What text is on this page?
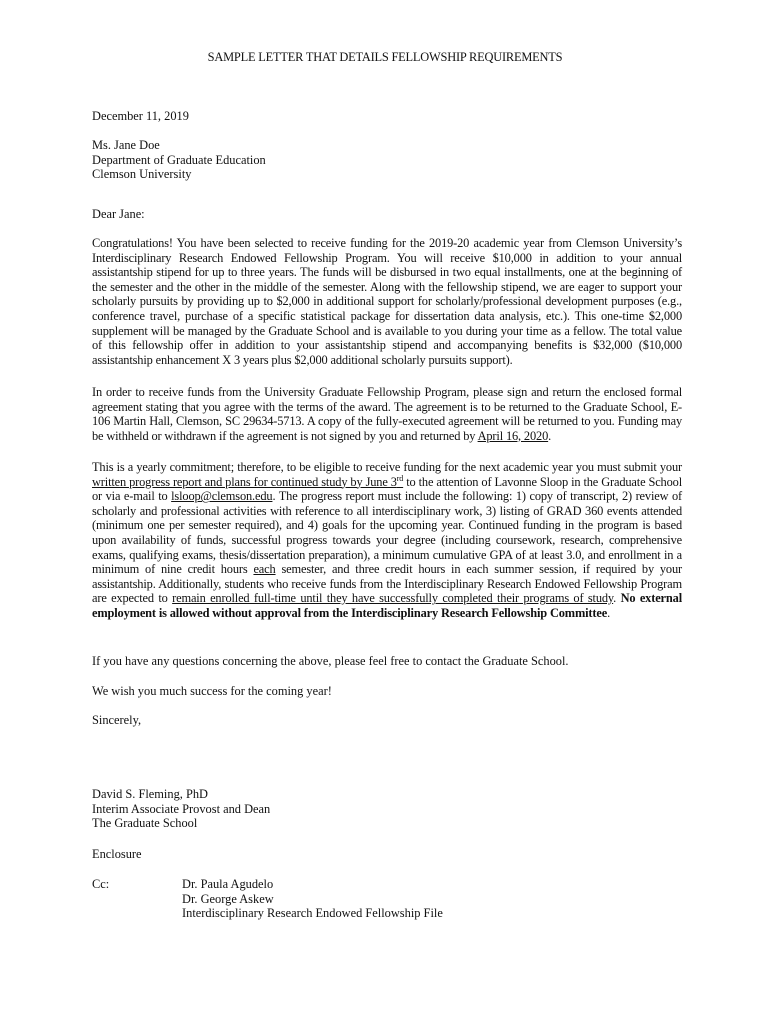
SAMPLE LETTER THAT DETAILS FELLOWSHIP REQUIREMENTS
December 11, 2019
Ms. Jane Doe
Department of Graduate Education
Clemson University
Dear Jane:
Congratulations! You have been selected to receive funding for the 2019-20 academic year from Clemson University’s Interdisciplinary Research Endowed Fellowship Program. You will receive $10,000 in addition to your annual assistantship stipend for up to three years. The funds will be disbursed in two equal installments, one at the beginning of the semester and the other in the middle of the semester. Along with the fellowship stipend, we are eager to support your scholarly pursuits by providing up to $2,000 in additional support for scholarly/professional development purposes (e.g., conference travel, purchase of a specific statistical package for dissertation data analysis, etc.). This one-time $2,000 supplement will be managed by the Graduate School and is available to you during your time as a fellow. The total value of this fellowship offer in addition to your assistantship stipend and accompanying benefits is $32,000 ($10,000 assistantship enhancement X 3 years plus $2,000 additional scholarly pursuits support).
In order to receive funds from the University Graduate Fellowship Program, please sign and return the enclosed formal agreement stating that you agree with the terms of the award. The agreement is to be returned to the Graduate School, E-106 Martin Hall, Clemson, SC 29634-5713. A copy of the fully-executed agreement will be returned to you. Funding may be withheld or withdrawn if the agreement is not signed by you and returned by April 16, 2020.
This is a yearly commitment; therefore, to be eligible to receive funding for the next academic year you must submit your written progress report and plans for continued study by June 3rd to the attention of Lavonne Sloop in the Graduate School or via e-mail to lsloop@clemson.edu. The progress report must include the following: 1) copy of transcript, 2) review of scholarly and professional activities with reference to all interdisciplinary work, 3) listing of GRAD 360 events attended (minimum one per semester required), and 4) goals for the upcoming year. Continued funding in the program is based upon availability of funds, successful progress towards your degree (including coursework, research, comprehensive exams, qualifying exams, thesis/dissertation preparation), a minimum cumulative GPA of at least 3.0, and enrollment in a minimum of nine credit hours each semester, and three credit hours in each summer session, if required by your assistantship. Additionally, students who receive funds from the Interdisciplinary Research Endowed Fellowship Program are expected to remain enrolled full-time until they have successfully completed their programs of study. No external employment is allowed without approval from the Interdisciplinary Research Fellowship Committee.
If you have any questions concerning the above, please feel free to contact the Graduate School.
We wish you much success for the coming year!
Sincerely,
David S. Fleming, PhD
Interim Associate Provost and Dean
The Graduate School
Enclosure
Cc:	Dr. Paula Agudelo
Dr. George Askew
Interdisciplinary Research Endowed Fellowship File
